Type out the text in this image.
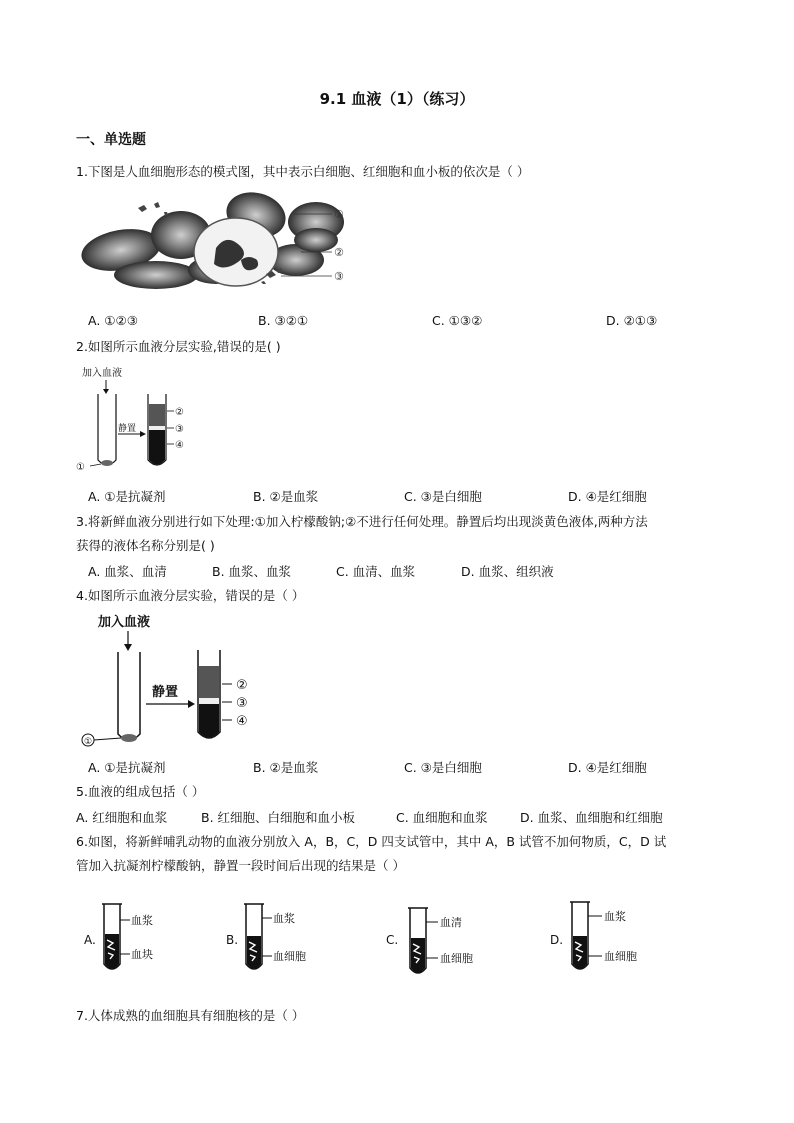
9.1 血液（1）（练习）
一、单选题
1.下图是人血细胞形态的模式图，其中表示白细胞、红细胞和血小板的依次是（ ）
①
②
③
A. ①②③	B. ③②①	C. ①③②	D. ②①③
2.如图所示血液分层实验,错误的是( )
加入血液
①
静置
②
③
④
A. ①是抗凝剂	B. ②是血浆	C. ③是白细胞	D. ④是红细胞
3.将新鲜血液分别进行如下处理:①加入柠檬酸钠;②不进行任何处理。静置后均出现淡黄色液体,两种方法
获得的液体名称分别是( )
A. 血浆、血清	B. 血浆、血浆	C. 血清、血浆	D. 血浆、组织液
4.如图所示血液分层实验，错误的是（ ）
加入血液
①
静置	②
③
④
A. ①是抗凝剂	B. ②是血浆	C. ③是白细胞	D. ④是红细胞
5.血液的组成包括（ ）
A. 红细胞和血浆	B. 红细胞、白细胞和血小板	C. 血细胞和血浆	D. 血浆、血细胞和红细胞
6.如图，将新鲜哺乳动物的血液分别放入 A，B，C，D 四支试管中，其中 A，B 试管不加何物质，C，D 试
管加入抗凝剂柠檬酸钠，静置一段时间后出现的结果是（ ）
A.
血浆
血块
B.
血浆
血细胞
C.
血清
血细胞
D.
血浆
血细胞
7.人体成熟的血细胞具有细胞核的是（ ）
